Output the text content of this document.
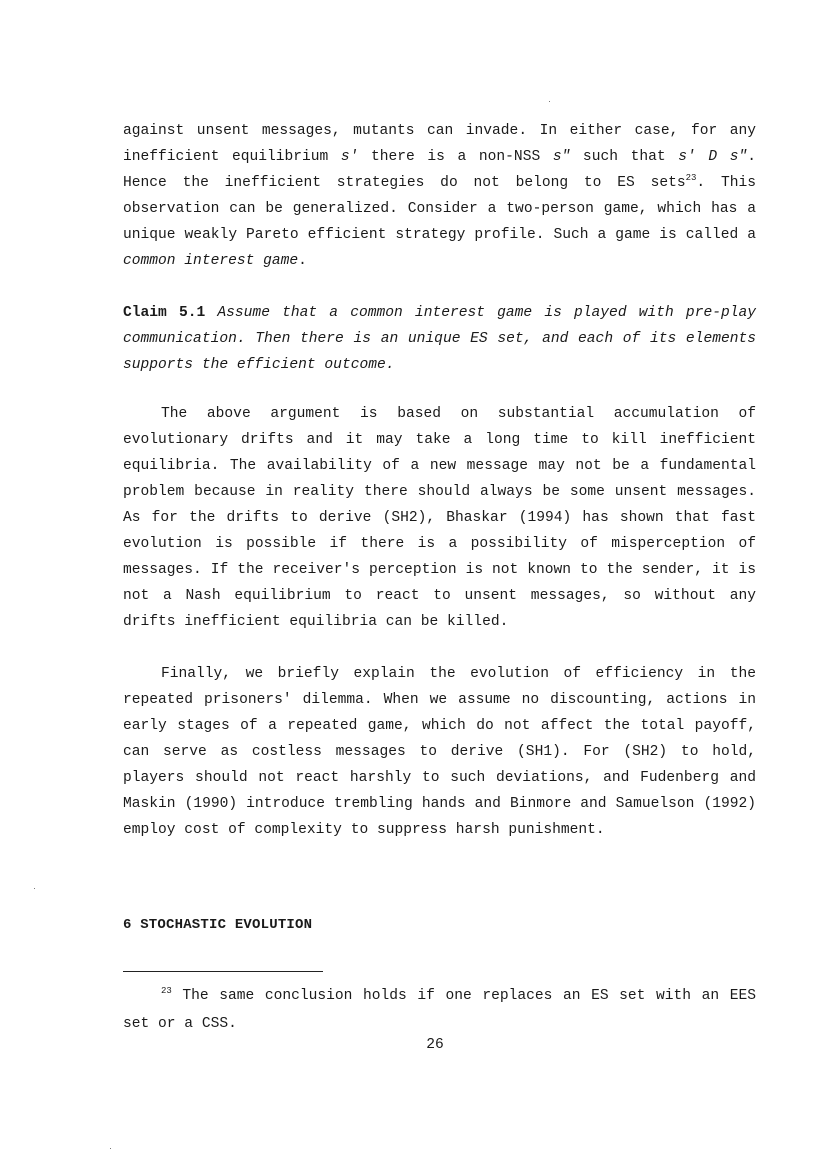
against unsent messages, mutants can invade. In either case, for any inefficient equilibrium s' there is a non-NSS s" such that s' D s". Hence the inefficient strategies do not belong to ES sets$^{23}$. This observation can be generalized. Consider a two-person game, which has a unique weakly Pareto efficient strategy profile. Such a game is called a common interest game.

Claim 5.1 Assume that a common interest game is played with pre-play communication. Then there is an unique ES set, and each of its elements supports the efficient outcome.

The above argument is based on substantial accumulation of evolutionary drifts and it may take a long time to kill inefficient equilibria. The availability of a new message may not be a fundamental problem because in reality there should always be some unsent messages. As for the drifts to derive (SH2), Bhaskar (1994) has shown that fast evolution is possible if there is a possibility of misperception of messages. If the receiver's perception is not known to the sender, it is not a Nash equilibrium to react to unsent messages, so without any drifts inefficient equilibria can be killed.

Finally, we briefly explain the evolution of efficiency in the repeated prisoners' dilemma. When we assume no discounting, actions in early stages of a repeated game, which do not affect the total payoff, can serve as costless messages to derive (SH1). For (SH2) to hold, players should not react harshly to such deviations, and Fudenberg and Maskin (1990) introduce trembling hands and Binmore and Samuelson (1992) employ cost of complexity to suppress harsh punishment.

6 STOCHASTIC EVOLUTION
$^{23}$ The same conclusion holds if one replaces an ES set with an EES set or a CSS.
26
